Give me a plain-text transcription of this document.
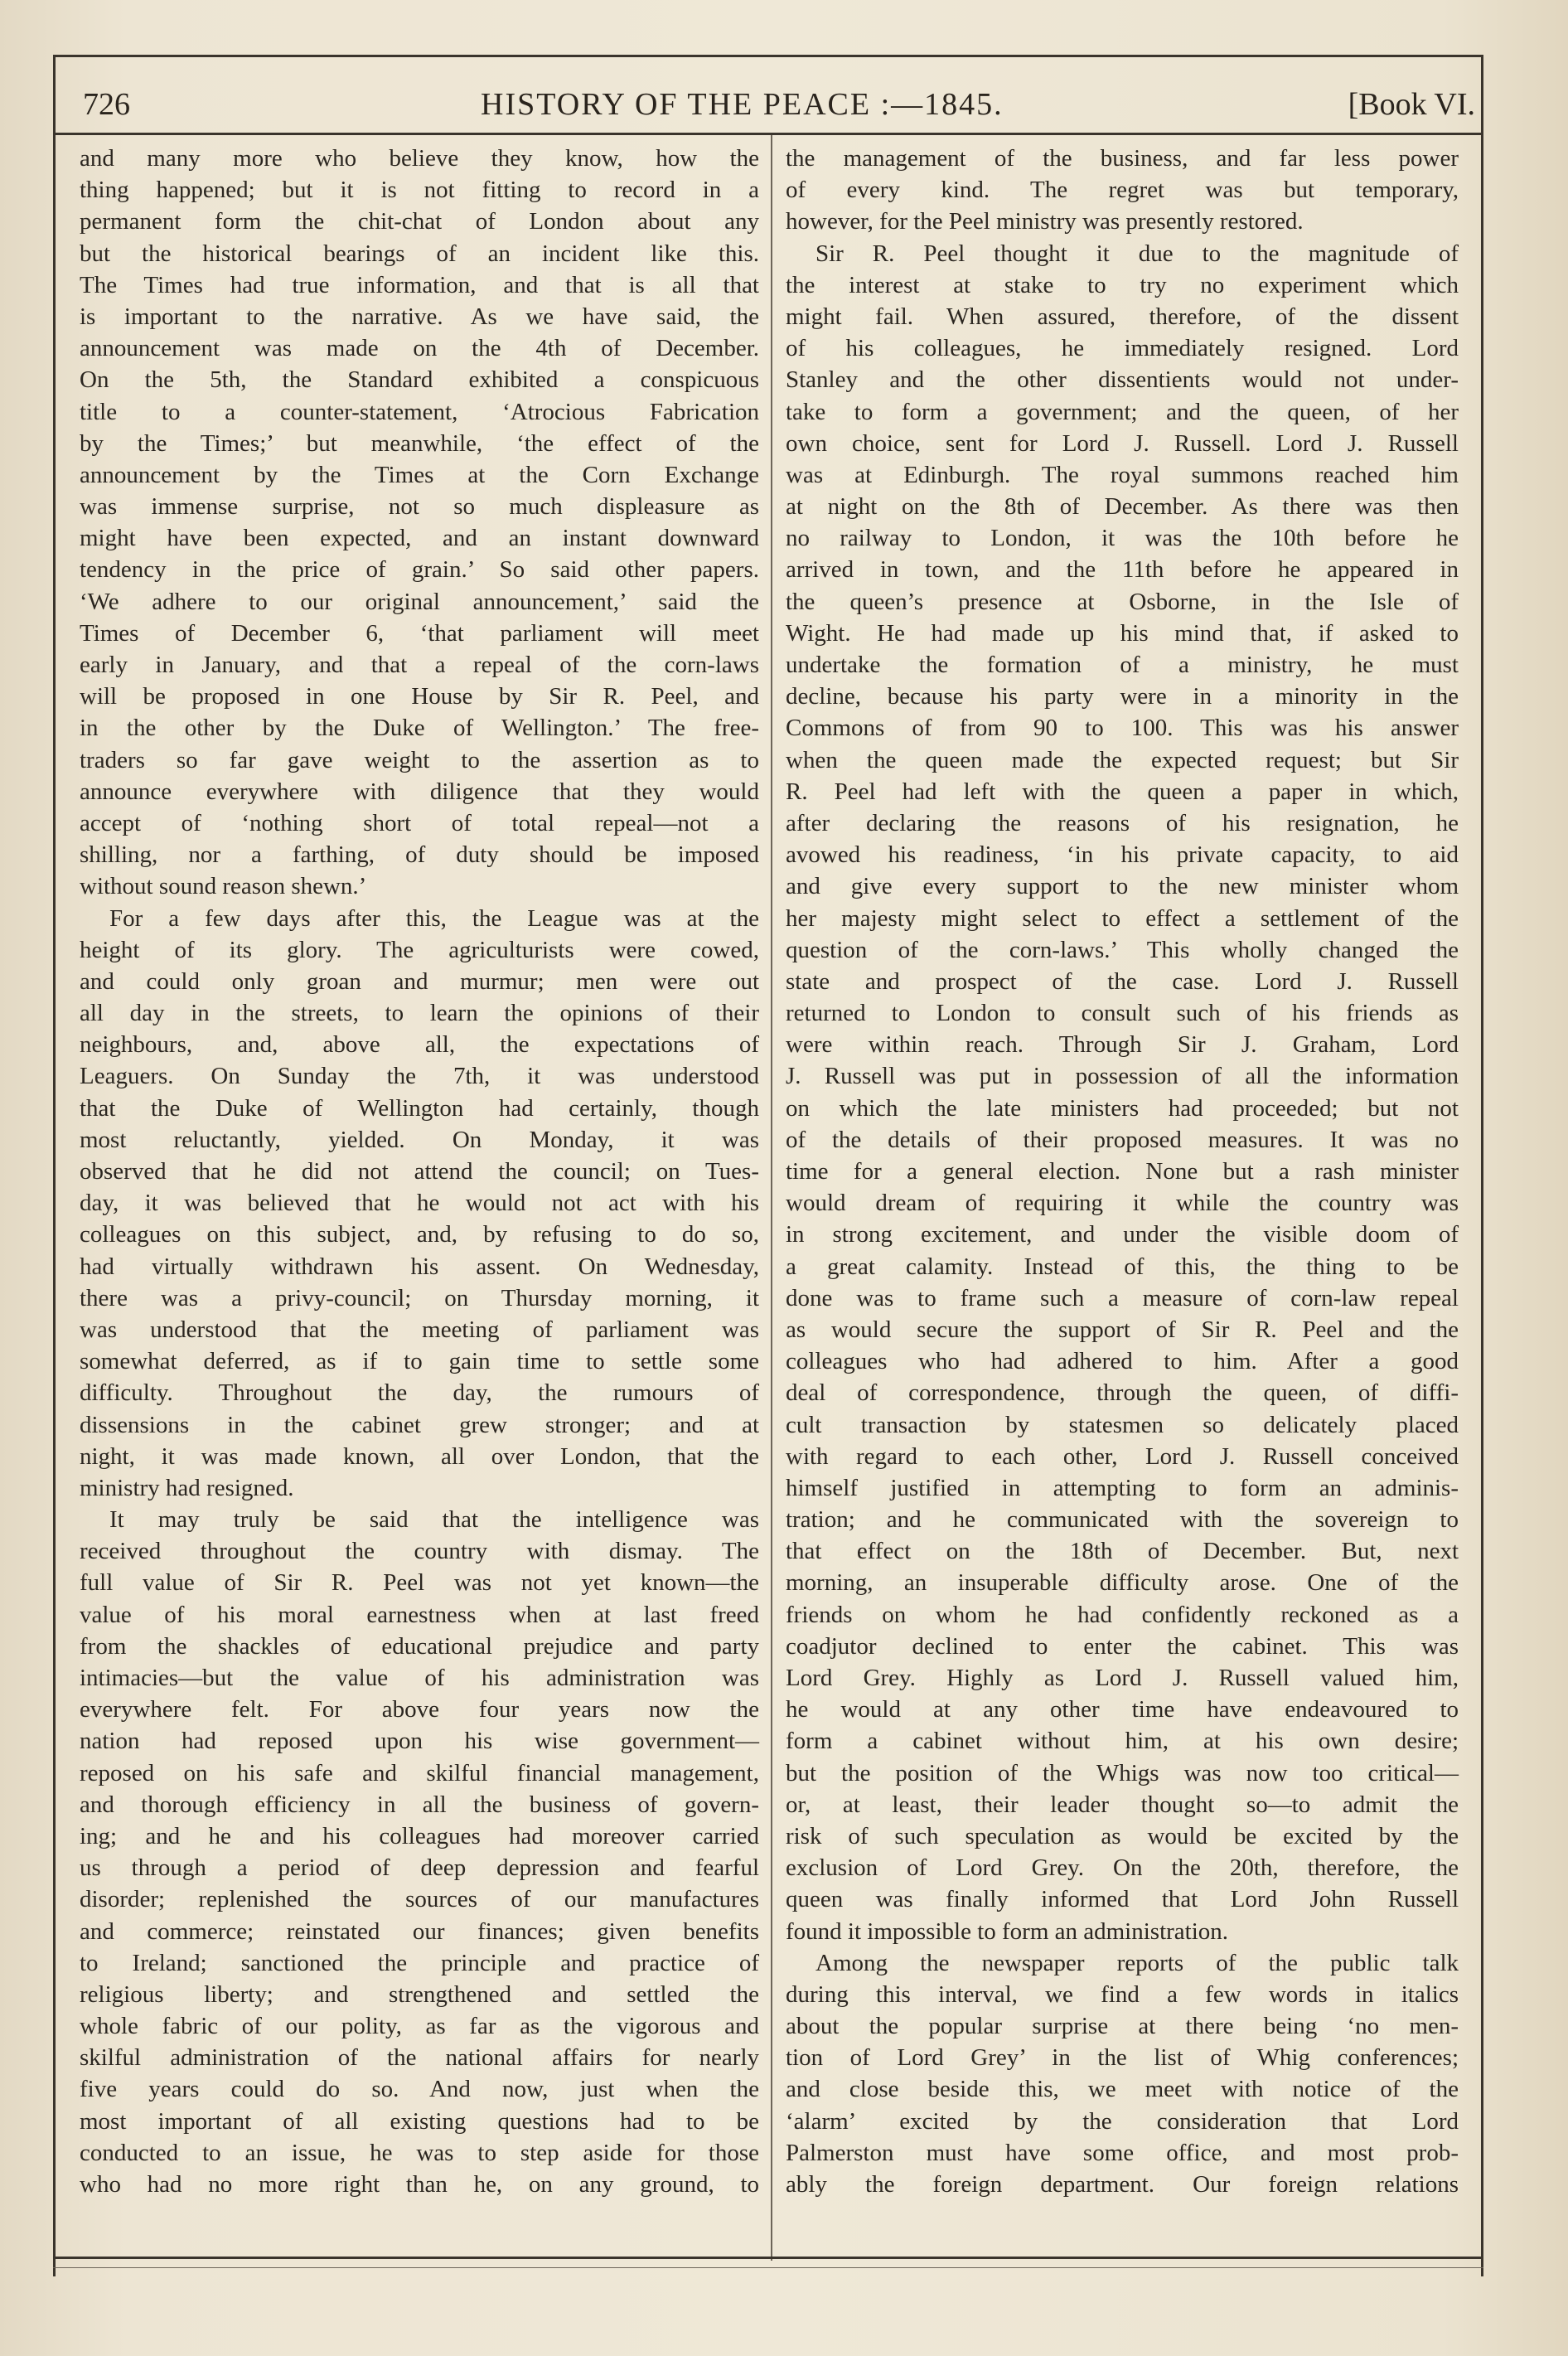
726	HISTORY OF THE PEACE :—1845.	[Book VI.
and many more who believe they know, how the
thing happened; but it is not fitting to record in a
permanent form the chit-chat of London about any
but the historical bearings of an incident like this.
The Times had true information, and that is all that
is important to the narrative. As we have said, the
announcement was made on the 4th of December.
On the 5th, the Standard exhibited a conspicuous
title to a counter-statement, ‘Atrocious Fabrication
by the Times;’ but meanwhile, ‘the effect of the
announcement by the Times at the Corn Exchange
was immense surprise, not so much displeasure as
might have been expected, and an instant downward
tendency in the price of grain.’ So said other papers.
‘We adhere to our original announcement,’ said the
Times of December 6, ‘that parliament will meet
early in January, and that a repeal of the corn-laws
will be proposed in one House by Sir R. Peel, and
in the other by the Duke of Wellington.’ The free-
traders so far gave weight to the assertion as to
announce everywhere with diligence that they would
accept of ‘nothing short of total repeal—not a
shilling, nor a farthing, of duty should be imposed
without sound reason shewn.’
For a few days after this, the League was at the
height of its glory. The agriculturists were cowed,
and could only groan and murmur; men were out
all day in the streets, to learn the opinions of their
neighbours, and, above all, the expectations of
Leaguers. On Sunday the 7th, it was understood
that the Duke of Wellington had certainly, though
most reluctantly, yielded. On Monday, it was
observed that he did not attend the council; on Tues-
day, it was believed that he would not act with his
colleagues on this subject, and, by refusing to do so,
had virtually withdrawn his assent. On Wednesday,
there was a privy-council; on Thursday morning, it
was understood that the meeting of parliament was
somewhat deferred, as if to gain time to settle some
difficulty. Throughout the day, the rumours of
dissensions in the cabinet grew stronger; and at
night, it was made known, all over London, that the
ministry had resigned.
It may truly be said that the intelligence was
received throughout the country with dismay. The
full value of Sir R. Peel was not yet known—the
value of his moral earnestness when at last freed
from the shackles of educational prejudice and party
intimacies—but the value of his administration was
everywhere felt. For above four years now the
nation had reposed upon his wise government—
reposed on his safe and skilful financial management,
and thorough efficiency in all the business of govern-
ing; and he and his colleagues had moreover carried
us through a period of deep depression and fearful
disorder; replenished the sources of our manufactures
and commerce; reinstated our finances; given benefits
to Ireland; sanctioned the principle and practice of
religious liberty; and strengthened and settled the
whole fabric of our polity, as far as the vigorous and
skilful administration of the national affairs for nearly
five years could do so. And now, just when the
most important of all existing questions had to be
conducted to an issue, he was to step aside for those
who had no more right than he, on any ground, to
the management of the business, and far less power
of every kind. The regret was but temporary,
however, for the Peel ministry was presently restored.
Sir R. Peel thought it due to the magnitude of
the interest at stake to try no experiment which
might fail. When assured, therefore, of the dissent
of his colleagues, he immediately resigned. Lord
Stanley and the other dissentients would not under-
take to form a government; and the queen, of her
own choice, sent for Lord J. Russell. Lord J. Russell
was at Edinburgh. The royal summons reached him
at night on the 8th of December. As there was then
no railway to London, it was the 10th before he
arrived in town, and the 11th before he appeared in
the queen’s presence at Osborne, in the Isle of
Wight. He had made up his mind that, if asked to
undertake the formation of a ministry, he must
decline, because his party were in a minority in the
Commons of from 90 to 100. This was his answer
when the queen made the expected request; but Sir
R. Peel had left with the queen a paper in which,
after declaring the reasons of his resignation, he
avowed his readiness, ‘in his private capacity, to aid
and give every support to the new minister whom
her majesty might select to effect a settlement of the
question of the corn-laws.’ This wholly changed the
state and prospect of the case. Lord J. Russell
returned to London to consult such of his friends as
were within reach. Through Sir J. Graham, Lord
J. Russell was put in possession of all the information
on which the late ministers had proceeded; but not
of the details of their proposed measures. It was no
time for a general election. None but a rash minister
would dream of requiring it while the country was
in strong excitement, and under the visible doom of
a great calamity. Instead of this, the thing to be
done was to frame such a measure of corn-law repeal
as would secure the support of Sir R. Peel and the
colleagues who had adhered to him. After a good
deal of correspondence, through the queen, of diffi-
cult transaction by statesmen so delicately placed
with regard to each other, Lord J. Russell conceived
himself justified in attempting to form an adminis-
tration; and he communicated with the sovereign to
that effect on the 18th of December. But, next
morning, an insuperable difficulty arose. One of the
friends on whom he had confidently reckoned as a
coadjutor declined to enter the cabinet. This was
Lord Grey. Highly as Lord J. Russell valued him,
he would at any other time have endeavoured to
form a cabinet without him, at his own desire;
but the position of the Whigs was now too critical—
or, at least, their leader thought so—to admit the
risk of such speculation as would be excited by the
exclusion of Lord Grey. On the 20th, therefore, the
queen was finally informed that Lord John Russell
found it impossible to form an administration.
Among the newspaper reports of the public talk
during this interval, we find a few words in italics
about the popular surprise at there being ‘no men-
tion of Lord Grey’ in the list of Whig conferences;
and close beside this, we meet with notice of the
‘alarm’ excited by the consideration that Lord
Palmerston must have some office, and most prob-
ably the foreign department. Our foreign relations
